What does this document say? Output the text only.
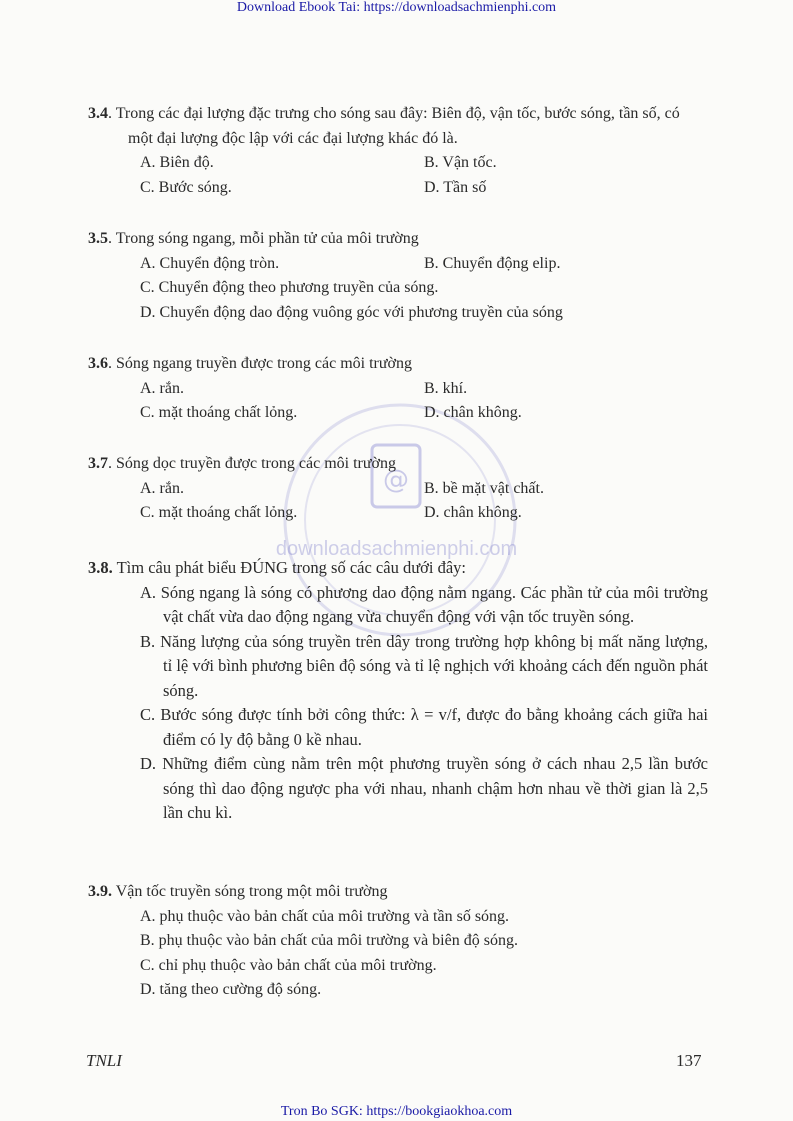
Download Ebook Tai: https://downloadsachmienphi.com
@
downloadsachmienphi.com
3.4. Trong các đại lượng đặc trưng cho sóng sau đây: Biên độ, vận tốc, bước sóng, tần số, có một đại lượng độc lập với các đại lượng khác đó là.
A. Biên độ.	B. Vận tốc.
C. Bước sóng.	D. Tần số
3.5. Trong sóng ngang, mỗi phần tử của môi trường
A. Chuyển động tròn.	B. Chuyển động elip.
C. Chuyển động theo phương truyền của sóng.
D. Chuyển động dao động vuông góc với phương truyền của sóng
3.6. Sóng ngang truyền được trong các môi trường
A. rắn.	B. khí.
C. mặt thoáng chất lỏng.	D. chân không.
3.7. Sóng dọc truyền được trong các môi trường
A. rắn.	B. bề mặt vật chất.
C. mặt thoáng chất lỏng.	D. chân không.
3.8. Tìm câu phát biểu ĐÚNG trong số các câu dưới đây:
A. Sóng ngang là sóng có phương dao động nằm ngang. Các phần tử của môi trường vật chất vừa dao động ngang vừa chuyển động với vận tốc truyền sóng.
B. Năng lượng của sóng truyền trên dây trong trường hợp không bị mất năng lượng, tỉ lệ với bình phương biên độ sóng và tỉ lệ nghịch với khoảng cách đến nguồn phát sóng.
C. Bước sóng được tính bởi công thức: λ = v/f, được đo bằng khoảng cách giữa hai điểm có ly độ bằng 0 kề nhau.
D. Những điểm cùng nằm trên một phương truyền sóng ở cách nhau 2,5 lần bước sóng thì dao động ngược pha với nhau, nhanh chậm hơn nhau về thời gian là 2,5 lần chu kì.
3.9. Vận tốc truyền sóng trong một môi trường
A. phụ thuộc vào bản chất của môi trường và tần số sóng.
B. phụ thuộc vào bản chất của môi trường và biên độ sóng.
C. chỉ phụ thuộc vào bản chất của môi trường.
D. tăng theo cường độ sóng.
TNLI	137
Tron Bo SGK: https://bookgiaokhoa.com
